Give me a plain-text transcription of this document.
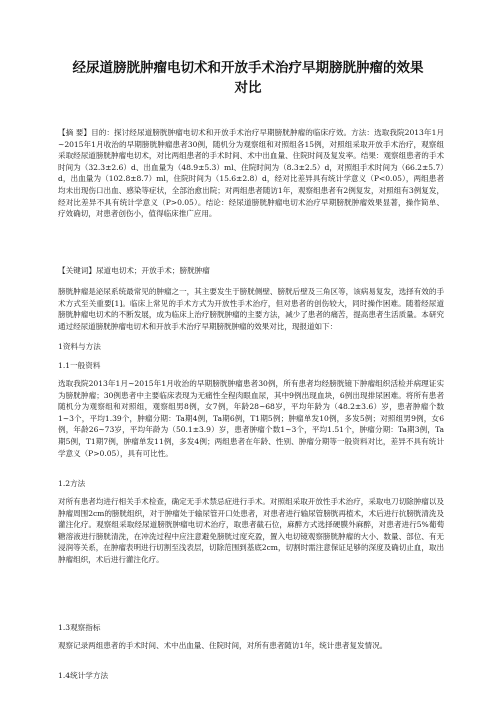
经尿道膀胱肿瘤电切术和开放手术治疗早期膀胱肿瘤的效果
对比
【摘 要】目的：探讨经尿道膀胱肿瘤电切术和开放手术治疗早期膀胱肿瘤的临床疗效。方法：选取我院2013年1月~2015年1月收治的早期膀胱肿瘤患者30例，随机分为观察组和对照组各15例，对照组采取开放手术治疗，观察组采取经尿道膀胱肿瘤电切术，对比两组患者的手术时间、术中出血量、住院时间及复发率。结果：观察组患者的手术时间为（32.3±2.6）d、出血量为（48.9±5.3）ml、住院时间为（8.3±2.5）d，对照组手术时间为（66.2±5.7）d，出血量为（102.8±8.7）ml，住院时间为（15.6±2.8）d，经对比差异具有统计学意义（P<0.05），两组患者均未出现伤口出血、感染等症状，全部治愈出院；对两组患者随访1年，观察组患者有2例复发，对照组有3例复发，经对比差异不具有统计学意义（P>0.05）。结论：经尿道膀胱肿瘤电切术治疗早期膀胱肿瘤效果显著，操作简单、疗效确切，对患者创伤小，值得临床推广应用。
【关键词】尿道电切术；开放手术；膀胱肿瘤
膀胱肿瘤是泌尿系统最常见的肿瘤之一，其主要发生于膀胱侧壁、膀胱后壁及三角区等，该病易复发，选择有效的手术方式至关重要[1]。临床上常见的手术方式为开放性手术治疗，但对患者的创伤较大，同时操作困难。随着经尿道膀胱肿瘤电切术的不断发展，成为临床上治疗膀胱肿瘤的主要方法，减少了患者的痛苦，提高患者生活质量。本研究通过经尿道膀胱肿瘤电切术和开放手术治疗早期膀胱肿瘤的效果对比，现报道如下：
1资料与方法
1.1一般资料
选取我院2013年1月~2015年1月收治的早期膀胱肿瘤患者30例，所有患者均经膀胱镜下肿瘤组织活检并病理证实为膀胱肿瘤；30例患者中主要临床表现为无痛性全程肉眼血尿，其中9例出现血块，6例出现排尿困难。将所有患者随机分为观察组和对照组，观察组男8例，女7例，年龄28~68岁，平均年龄为（48.2±3.6）岁，患者肿瘤个数1~3个，平均1.39个，肿瘤分期：Ta期4例，Ta期6例，T1期5例；肿瘤单发10例，多发5例；对照组男9例，女6例，年龄26~73岁，平均年龄为（50.1±3.9）岁，患者肿瘤个数1~3个，平均1.51个，肿瘤分期：Ta期3例，Ta期5例，T1期7例，肿瘤单发11例，多发4例；两组患者在年龄、性别、肿瘤分期等一般资料对比，差异不具有统计学意义（P>0.05），具有可比性。
1.2方法
对所有患者均进行相关手术检查，确定无手术禁忌症进行手术。对照组采取开放性手术治疗，采取电刀切除肿瘤以及肿瘤周围2cm的膀胱组织，对于肿瘤处于输尿管开口处患者，对患者进行输尿管膀胱再植术，术后进行抗膀胱清洗及灌注化疗。观察组采取经尿道膀胱肿瘤电切术治疗，取患者截石位，麻醉方式选择硬膜外麻醉，对患者进行5%葡萄糖溶液进行膀胱清洗，在冲洗过程中应注意避免膀胱过度充盈，置入电切镜观察膀胱肿瘤的大小、数量、部位、有无浸润等关系，在肿瘤表明进行切割至浅表层，切除范围到基底2cm，切割时需注意保证足够的深度及确切止血，取出肿瘤组织，术后进行灌注化疗。
1.3观察指标
观察记录两组患者的手术时间、术中出血量、住院时间，对所有患者随访1年，统计患者复发情况。
1.4统计学方法
